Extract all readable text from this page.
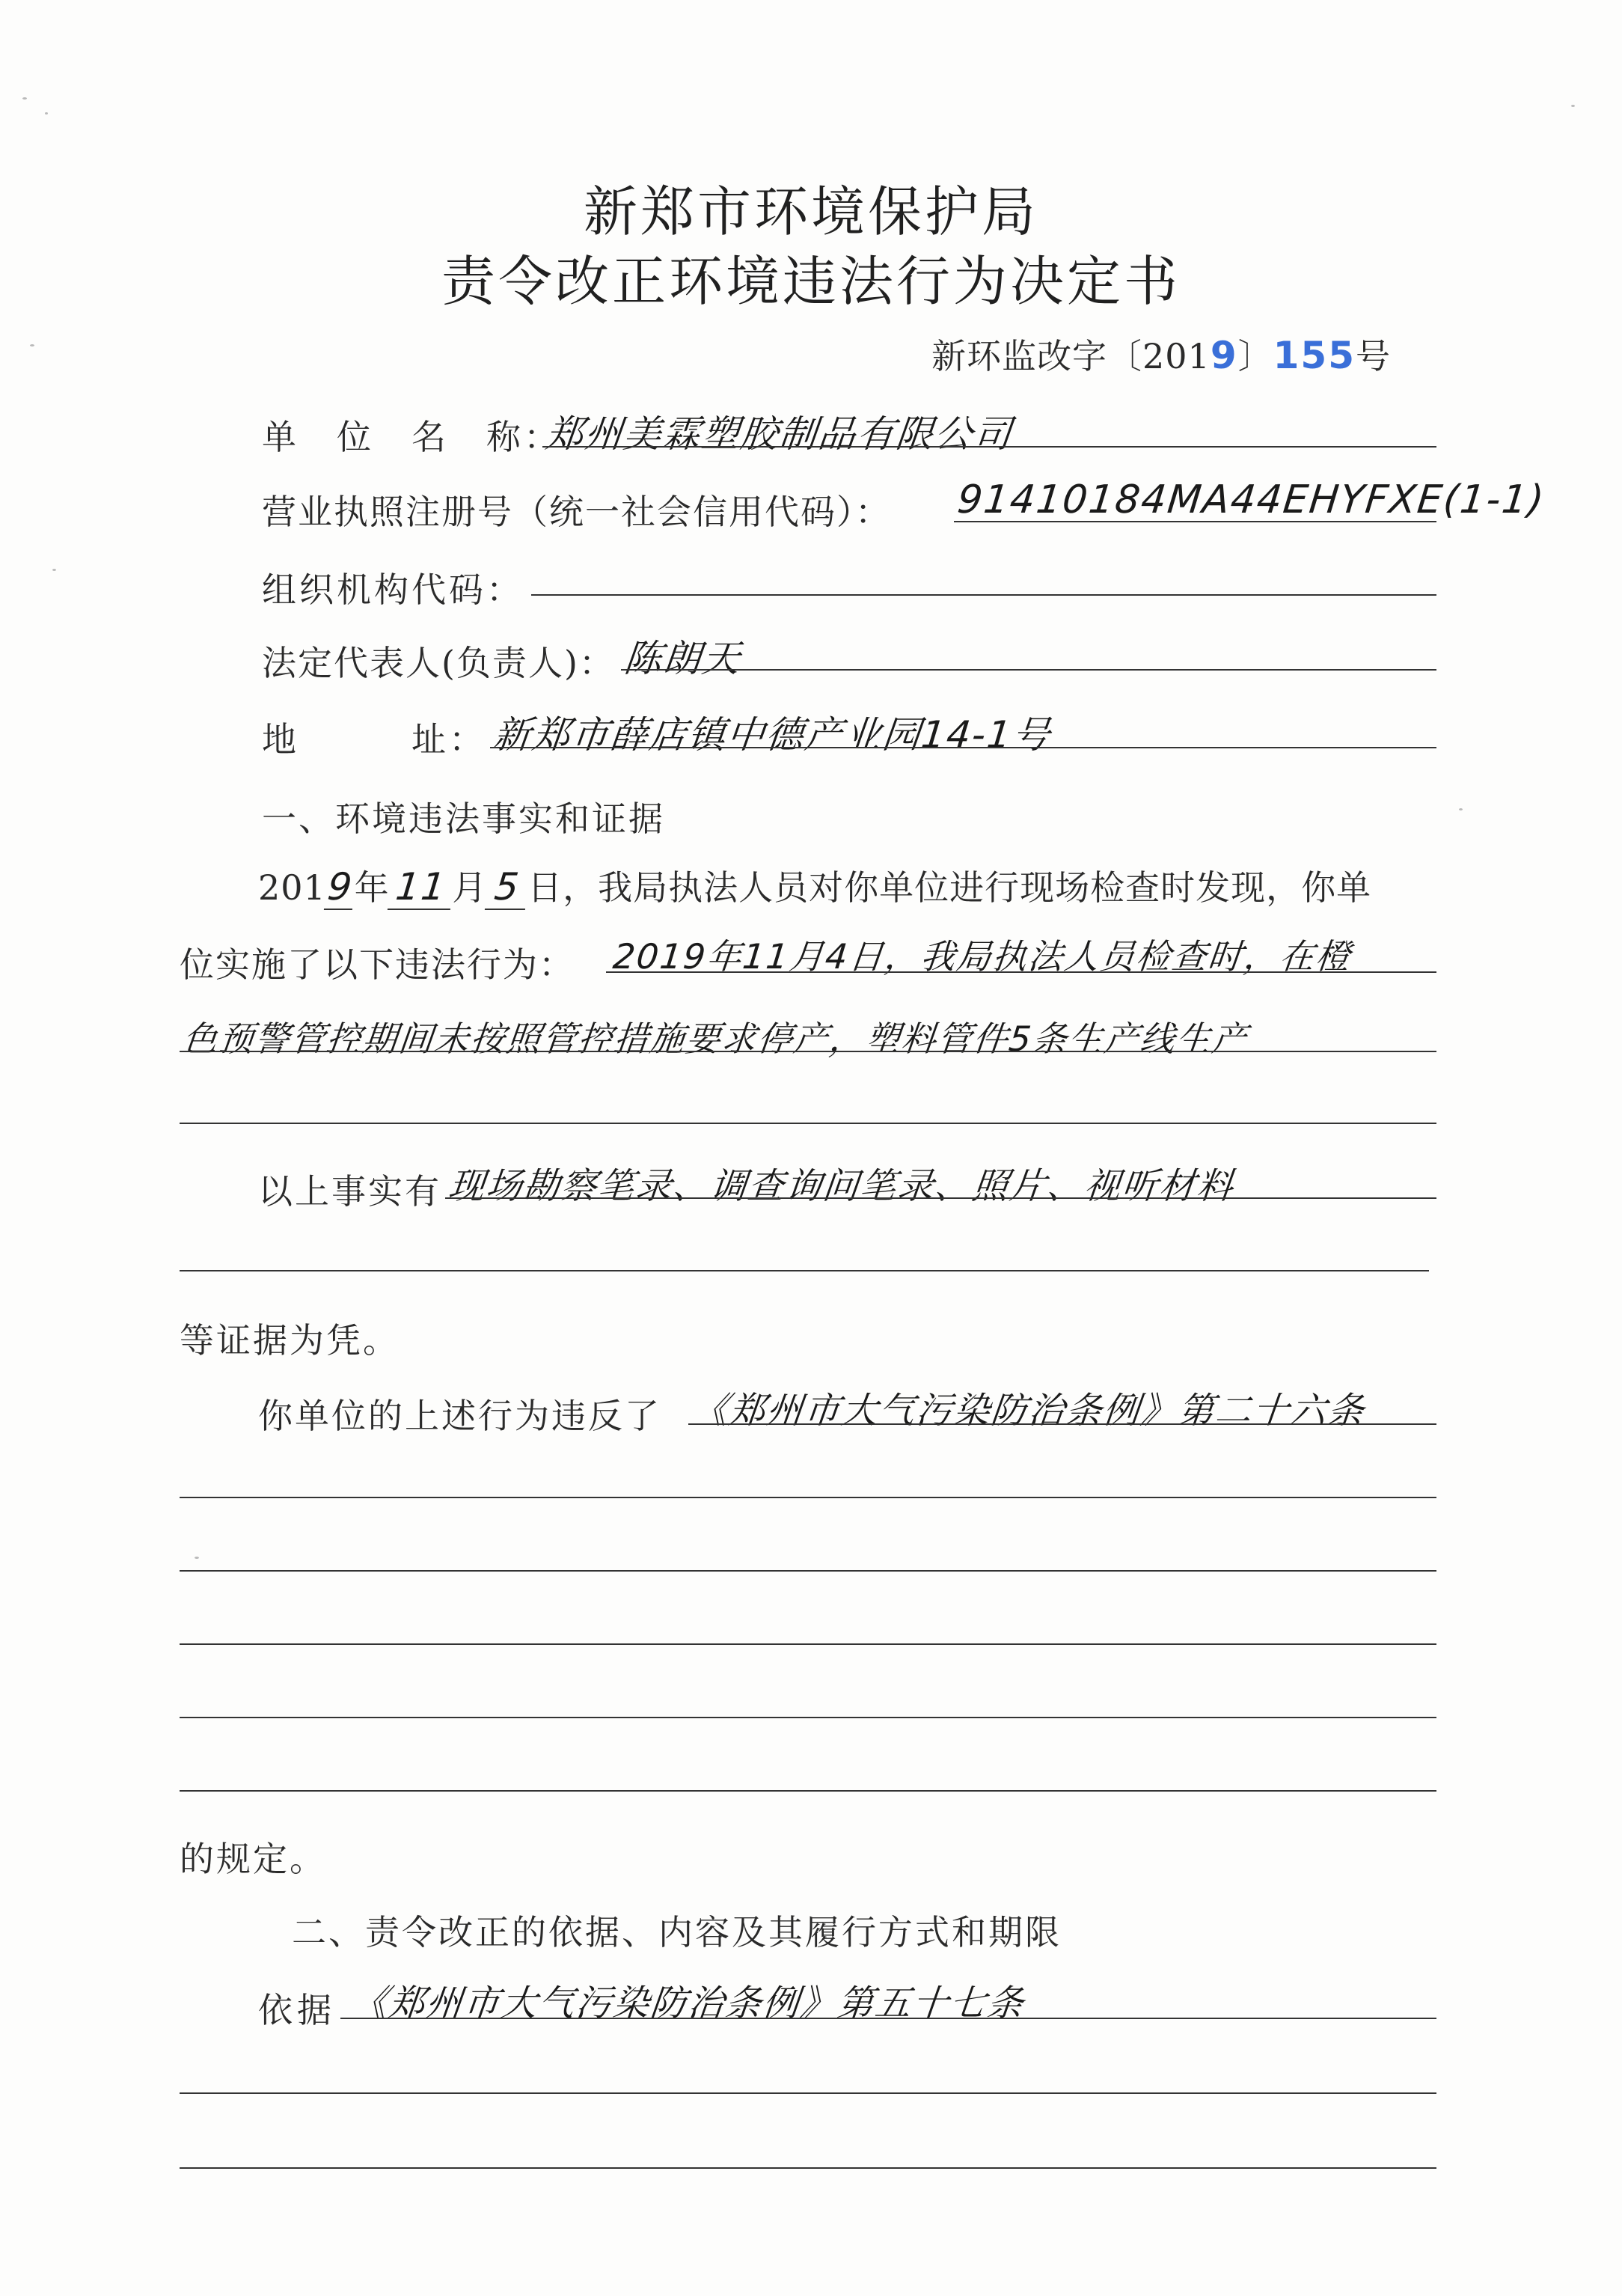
新郑市环境保护局
责令改正环境违法行为决定书
新环监改字〔2019〕155号
单　位　名　称：
郑州美霖塑胶制品有限公司
营业执照注册号（统一社会信用代码）： 91410184MA44EHYFXE(1-1)
组织机构代码：
法定代表人(负责人)： 陈朗天
地　　　址： 新郑市薛店镇中德产业园14-1号
一、环境违法事实和证据
2019年 11 月 5 日，我局执法人员对你单位进行现场检查时发现，你单
位实施了以下违法行为： 2019年11月4日，我局执法人员检查时，在橙
色预警管控期间未按照管控措施要求停产，塑料管件5条生产线生产
以上事实有 现场勘察笔录、调查询问笔录、照片、视听材料
等证据为凭。
你单位的上述行为违反了 《郑州市大气污染防治条例》第二十六条
的规定。
二、责令改正的依据、内容及其履行方式和期限
依据 《郑州市大气污染防治条例》第五十七条
